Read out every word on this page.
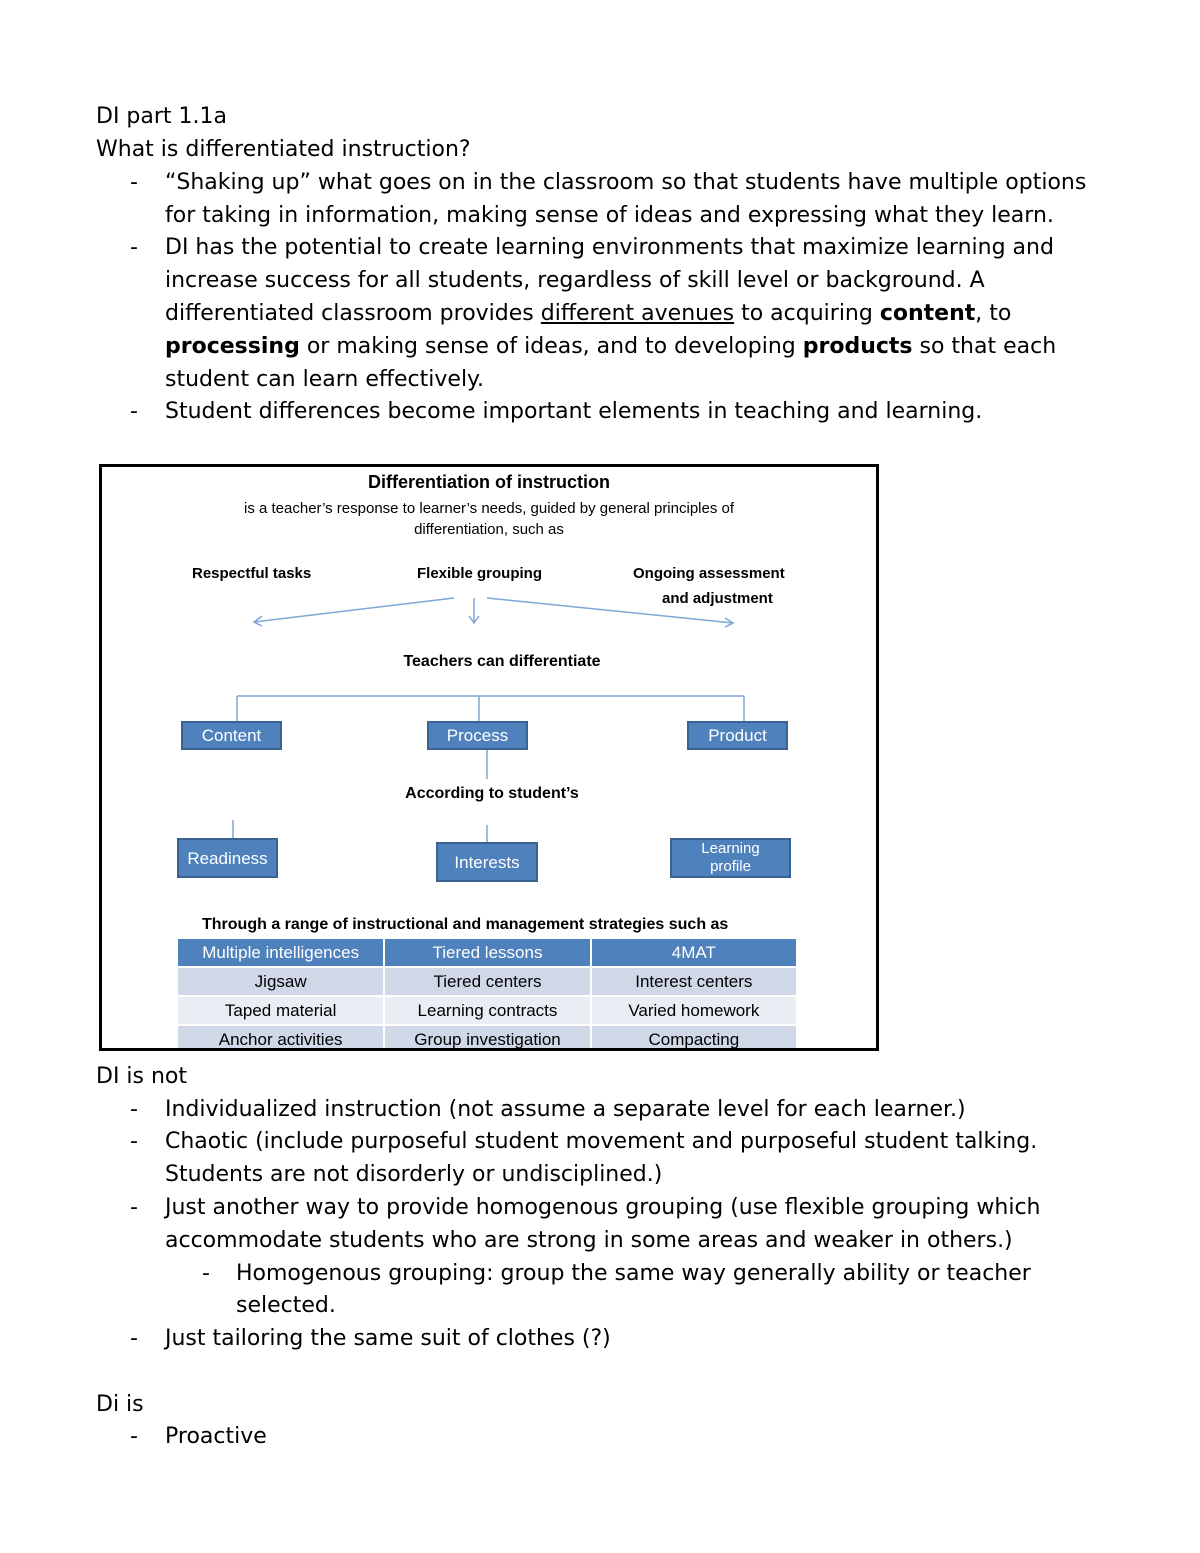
DI part 1.1a
What is differentiated instruction?
- “Shaking up” what goes on in the classroom so that students have multiple options
for taking in information, making sense of ideas and expressing what they learn.
- DI has the potential to create learning environments that maximize learning and
increase success for all students, regardless of skill level or background. A
differentiated classroom provides different avenues to acquiring content, to
processing or making sense of ideas, and to developing products so that each
student can learn effectively.
- Student differences become important elements in teaching and learning.
Differentiation of instruction
is a teacher’s response to learner’s needs, guided by general principles of
differentiation, such as
Respectful tasks	Flexible grouping	Ongoing assessment
and adjustment
Teachers can differentiate
Content	Process	Product
According to student’s
Readiness	Interests
Learning
profile
Through a range of instructional and management strategies such as
Multiple intelligences	Tiered lessons	4MAT
Jigsaw	Tiered centers	Interest centers
Taped material	Learning contracts	Varied homework
Anchor activities	Group investigation	Compacting
DI is not
- Individualized instruction (not assume a separate level for each learner.)
- Chaotic (include purposeful student movement and purposeful student talking.
Students are not disorderly or undisciplined.)
- Just another way to provide homogenous grouping (use flexible grouping which
accommodate students who are strong in some areas and weaker in others.)
- Homogenous grouping: group the same way generally ability or teacher
selected.
- Just tailoring the same suit of clothes (?)
Di is
- Proactive
